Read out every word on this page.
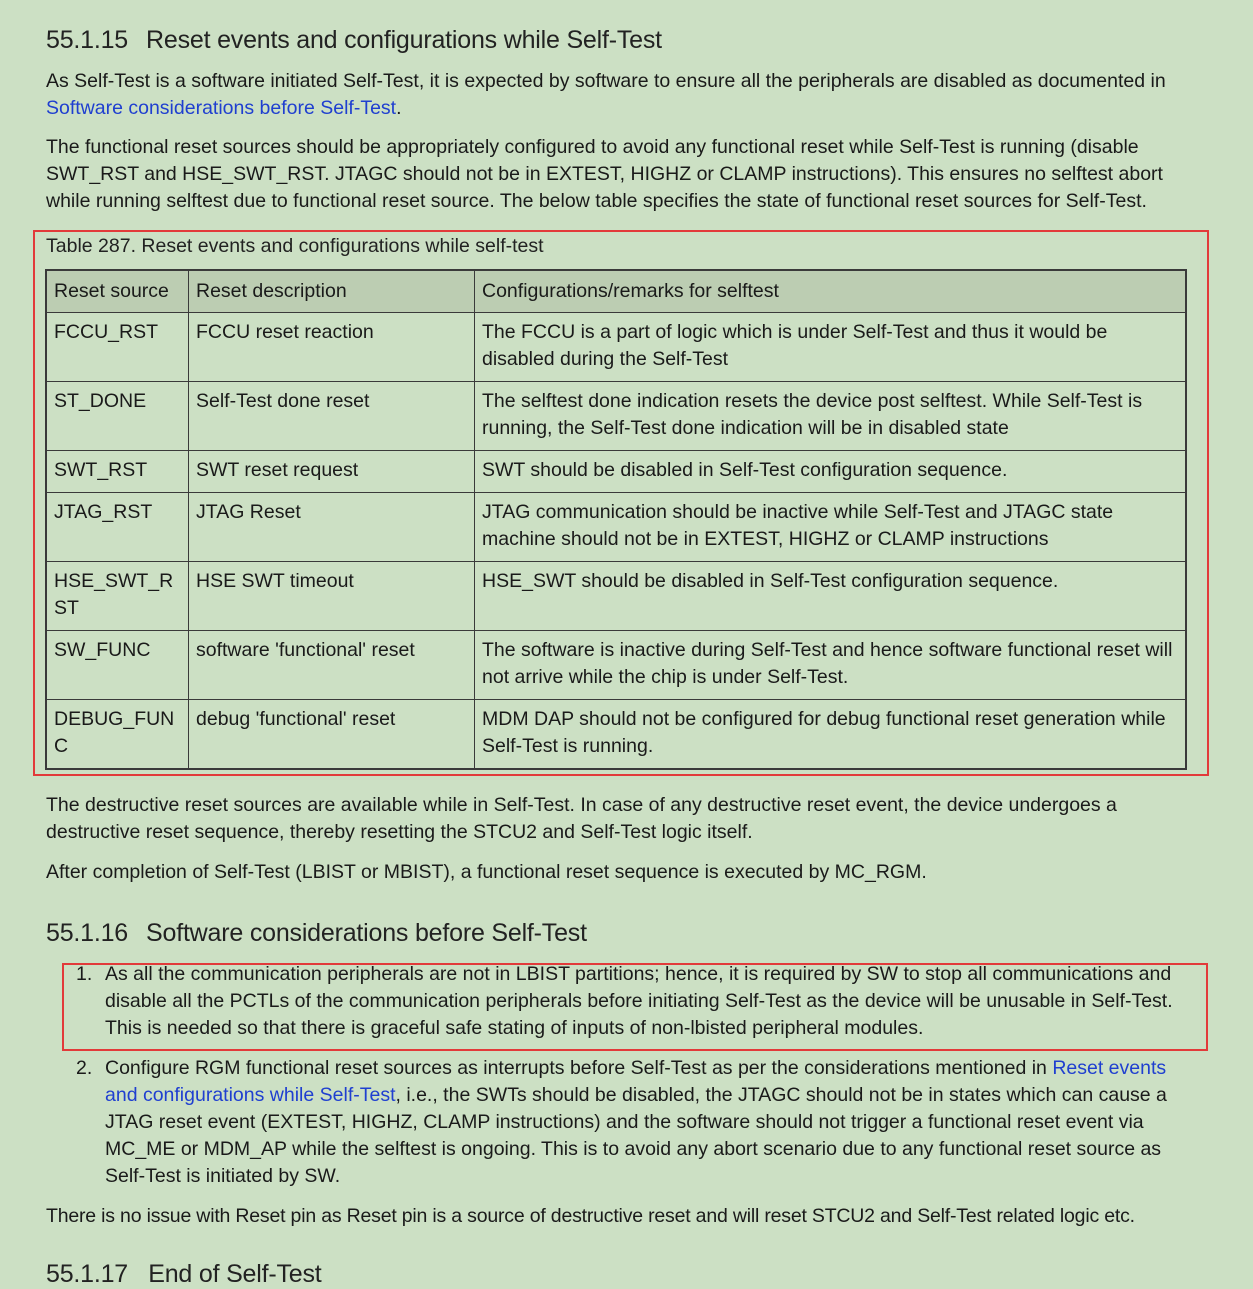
55.1.15 Reset events and configurations while Self-Test

As Self-Test is a software initiated Self-Test, it is expected by software to ensure all the peripherals are disabled as documented in Software considerations before Self-Test.

The functional reset sources should be appropriately configured to avoid any functional reset while Self-Test is running (disable SWT_RST and HSE_SWT_RST. JTAGC should not be in EXTEST, HIGHZ or CLAMP instructions). This ensures no selftest abort while running selftest due to functional reset source. The below table specifies the state of functional reset sources for Self-Test.

Table 287. Reset events and configurations while self-test
Reset source	Reset description	Configurations/remarks for selftest
FCCU_RST	FCCU reset reaction	The FCCU is a part of logic which is under Self-Test and thus it would be disabled during the Self-Test
ST_DONE	Self-Test done reset	The selftest done indication resets the device post selftest. While Self-Test is running, the Self-Test done indication will be in disabled state
SWT_RST	SWT reset request	SWT should be disabled in Self-Test configuration sequence.
JTAG_RST	JTAG Reset	JTAG communication should be inactive while Self-Test and JTAGC state machine should not be in EXTEST, HIGHZ or CLAMP instructions
HSE_SWT_R ST	HSE SWT timeout	HSE_SWT should be disabled in Self-Test configuration sequence.
SW_FUNC	software 'functional' reset	The software is inactive during Self-Test and hence software functional reset will not arrive while the chip is under Self-Test.
DEBUG_FUN C	debug 'functional' reset	MDM DAP should not be configured for debug functional reset generation while Self-Test is running.

The destructive reset sources are available while in Self-Test. In case of any destructive reset event, the device undergoes a destructive reset sequence, thereby resetting the STCU2 and Self-Test logic itself.

After completion of Self-Test (LBIST or MBIST), a functional reset sequence is executed by MC_RGM.

55.1.16 Software considerations before Self-Test
1. As all the communication peripherals are not in LBIST partitions; hence, it is required by SW to stop all communications and disable all the PCTLs of the communication peripherals before initiating Self-Test as the device will be unusable in Self-Test. This is needed so that there is graceful safe stating of inputs of non-lbisted peripheral modules.
2. Configure RGM functional reset sources as interrupts before Self-Test as per the considerations mentioned in Reset events and configurations while Self-Test, i.e., the SWTs should be disabled, the JTAGC should not be in states which can cause a JTAG reset event (EXTEST, HIGHZ, CLAMP instructions) and the software should not trigger a functional reset event via MC_ME or MDM_AP while the selftest is ongoing. This is to avoid any abort scenario due to any functional reset source as Self-Test is initiated by SW.

There is no issue with Reset pin as Reset pin is a source of destructive reset and will reset STCU2 and Self-Test related logic etc.

55.1.17   End of Self-Test
